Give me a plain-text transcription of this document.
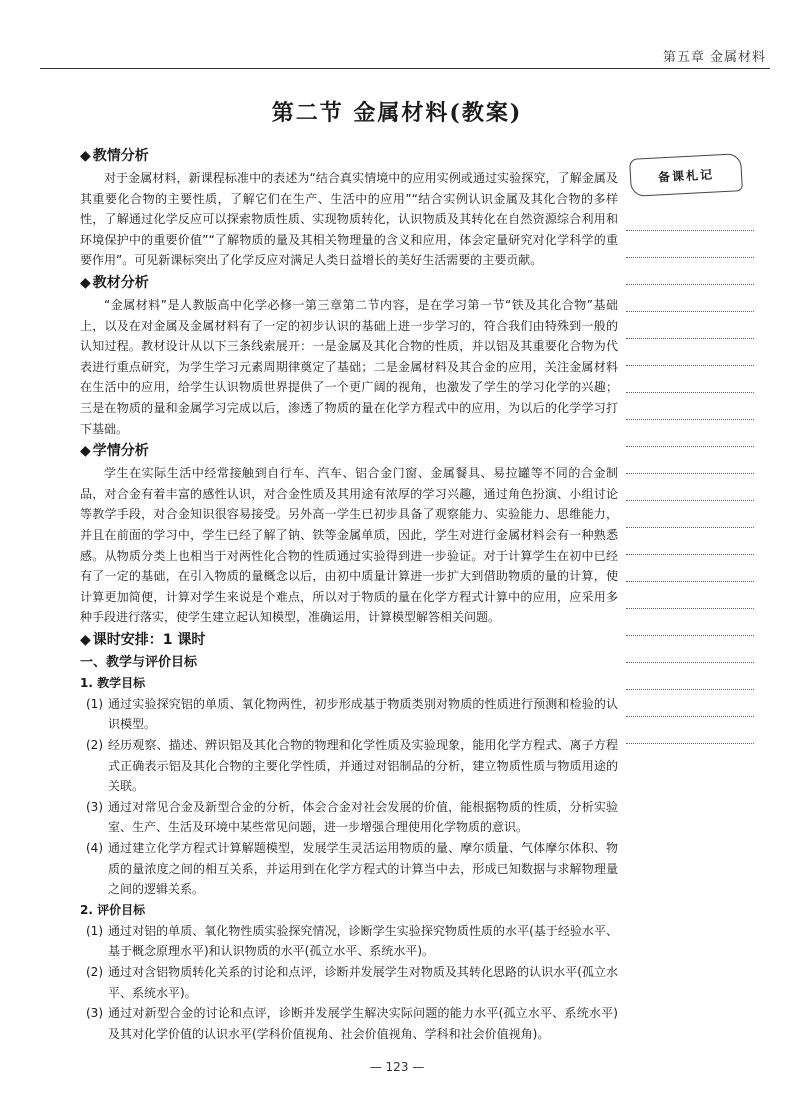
第五章 金属材料
第二节 金属材料(教案)
◆ 教情分析

对于金属材料，新课程标准中的表述为“结合真实情境中的应用实例或通过实验探究，了解金属及其重要化合物的主要性质，了解它们在生产、生活中的应用”“结合实例认识金属及其化合物的多样性，了解通过化学反应可以探索物质性质、实现物质转化，认识物质及其转化在自然资源综合利用和环境保护中的重要价值”“了解物质的量及其相关物理量的含义和应用，体会定量研究对化学科学的重要作用”。可见新课标突出了化学反应对满足人类日益增长的美好生活需要的主要贡献。

◆ 教材分析

“金属材料”是人教版高中化学必修一第三章第二节内容，是在学习第一节“铁及其化合物”基础上，以及在对金属及金属材料有了一定的初步认识的基础上进一步学习的，符合我们由特殊到一般的认知过程。教材设计从以下三条线索展开：一是金属及其化合物的性质，并以铝及其重要化合物为代表进行重点研究，为学生学习元素周期律奠定了基础；二是金属材料及其合金的应用，关注金属材料在生活中的应用，给学生认识物质世界提供了一个更广阔的视角，也激发了学生的学习化学的兴趣；三是在物质的量和金属学习完成以后，渗透了物质的量在化学方程式中的应用，为以后的化学学习打下基础。

◆ 学情分析

学生在实际生活中经常接触到自行车、汽车、铝合金门窗、金属餐具、易拉罐等不同的合金制品，对合金有着丰富的感性认识，对合金性质及其用途有浓厚的学习兴趣，通过角色扮演、小组讨论等教学手段，对合金知识很容易接受。另外高一学生已初步具备了观察能力、实验能力、思维能力，并且在前面的学习中，学生已经了解了钠、铁等金属单质，因此，学生对进行金属材料会有一种熟悉感。从物质分类上也相当于对两性化合物的性质通过实验得到进一步验证。对于计算学生在初中已经有了一定的基础，在引入物质的量概念以后，由初中质量计算进一步扩大到借助物质的量的计算，使计算更加简便，计算对学生来说是个难点，所以对于物质的量在化学方程式计算中的应用，应采用多种手段进行落实，使学生建立起认知模型，准确运用，计算模型解答相关问题。

◆ 课时安排：1 课时
一、教学与评价目标
1. 教学目标
(1) 通过实验探究铝的单质、氧化物两性，初步形成基于物质类别对物质的性质进行预测和检验的认识模型。
(2) 经历观察、描述、辨识铝及其化合物的物理和化学性质及实验现象，能用化学方程式、离子方程式正确表示铝及其化合物的主要化学性质，并通过对铝制品的分析，建立物质性质与物质用途的关联。
(3) 通过对常见合金及新型合金的分析，体会合金对社会发展的价值，能根据物质的性质，分析实验室、生产、生活及环境中某些常见问题，进一步增强合理使用化学物质的意识。
(4) 通过建立化学方程式计算解题模型，发展学生灵活运用物质的量、摩尔质量、气体摩尔体积、物质的量浓度之间的相互关系，并运用到在化学方程式的计算当中去，形成已知数据与求解物理量之间的逻辑关系。
2. 评价目标
(1) 通过对铝的单质、氧化物性质实验探究情况，诊断学生实验探究物质性质的水平(基于经验水平、基于概念原理水平)和认识物质的水平(孤立水平、系统水平)。
(2) 通过对含铝物质转化关系的讨论和点评，诊断并发展学生对物质及其转化思路的认识水平(孤立水平、系统水平)。
(3) 通过对新型合金的讨论和点评，诊断并发展学生解决实际问题的能力水平(孤立水平、系统水平)及其对化学价值的认识水平(学科价值视角、社会价值视角、学科和社会价值视角)。
备课札记
— 123 —
